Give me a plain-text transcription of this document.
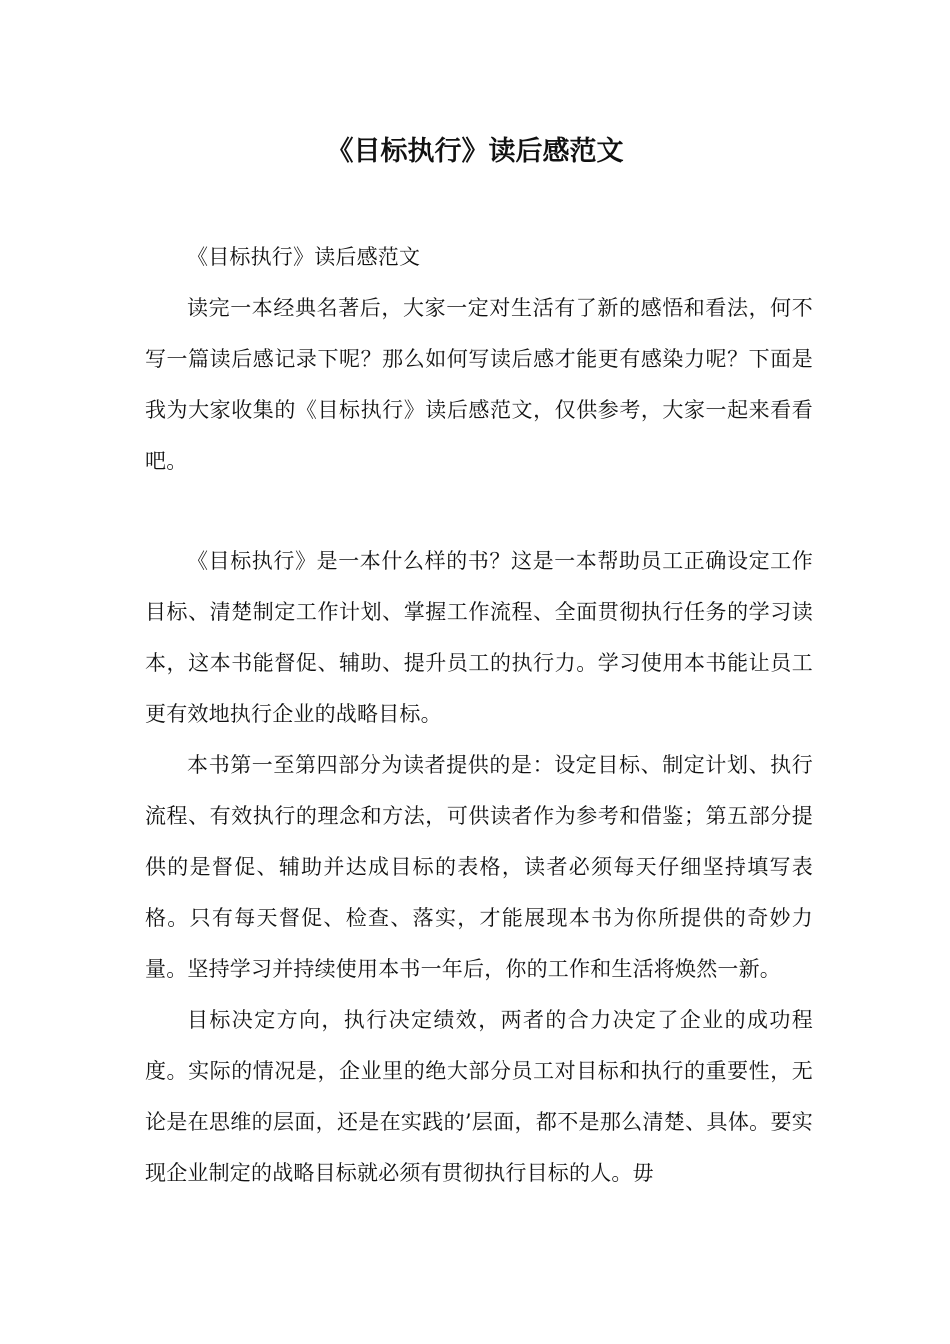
《目标执行》读后感范文

《目标执行》读后感范文

读完一本经典名著后，大家一定对生活有了新的感悟和看法，何不写一篇读后感记录下呢？那么如何写读后感才能更有感染力呢？下面是我为大家收集的《目标执行》读后感范文，仅供参考，大家一起来看看吧。

《目标执行》是一本什么样的书？这是一本帮助员工正确设定工作目标、清楚制定工作计划、掌握工作流程、全面贯彻执行任务的学习读本，这本书能督促、辅助、提升员工的执行力。学习使用本书能让员工更有效地执行企业的战略目标。

本书第一至第四部分为读者提供的是：设定目标、制定计划、执行流程、有效执行的理念和方法，可供读者作为参考和借鉴；第五部分提供的是督促、辅助并达成目标的表格，读者必须每天仔细坚持填写表格。只有每天督促、检查、落实，才能展现本书为你所提供的奇妙力量。坚持学习并持续使用本书一年后，你的工作和生活将焕然一新。

目标决定方向，执行决定绩效，两者的合力决定了企业的成功程度。实际的情况是，企业里的绝大部分员工对目标和执行的重要性，无论是在思维的层面，还是在实践的’层面，都不是那么清楚、具体。要实现企业制定的战略目标就必须有贯彻执行目标的人。毋
